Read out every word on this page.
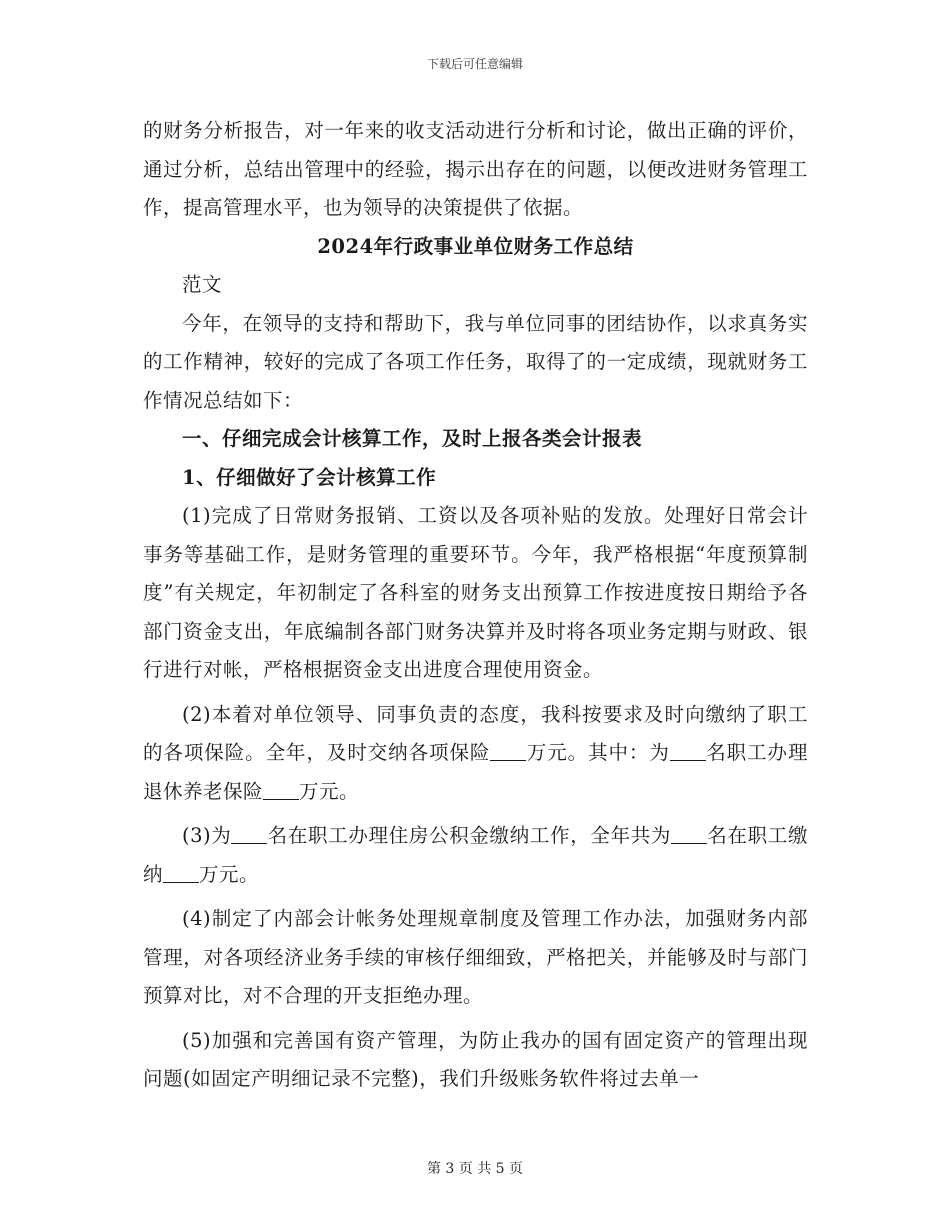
下载后可任意编辑

的财务分析报告，对一年来的收支活动进行分析和讨论，做出正确的评价，通过分析，总结出管理中的经验，揭示出存在的问题，以便改进财务管理工作，提高管理水平，也为领导的决策提供了依据。

2024年行政事业单位财务工作总结

范文

今年，在领导的支持和帮助下，我与单位同事的团结协作，以求真务实的工作精神，较好的完成了各项工作任务，取得了的一定成绩，现就财务工作情况总结如下：

一、仔细完成会计核算工作，及时上报各类会计报表

1、仔细做好了会计核算工作

(1)完成了日常财务报销、工资以及各项补贴的发放。处理好日常会计事务等基础工作，是财务管理的重要环节。今年，我严格根据“年度预算制度”有关规定，年初制定了各科室的财务支出预算工作按进度按日期给予各部门资金支出，年底编制各部门财务决算并及时将各项业务定期与财政、银行进行对帐，严格根据资金支出进度合理使用资金。

(2)本着对单位领导、同事负责的态度，我科按要求及时向缴纳了职工的各项保险。全年，及时交纳各项保险 万元。其中：为 名职工办理退休养老保险 万元。

(3)为 名在职工办理住房公积金缴纳工作，全年共为 名在职工缴纳 万元。

(4)制定了内部会计帐务处理规章制度及管理工作办法，加强财务内部管理，对各项经济业务手续的审核仔细细致，严格把关，并能够及时与部门预算对比，对不合理的开支拒绝办理。

(5)加强和完善国有资产管理，为防止我办的国有固定资产的管理出现问题(如固定产明细记录不完整)，我们升级账务软件将过去单一

第 3 页 共 5 页
